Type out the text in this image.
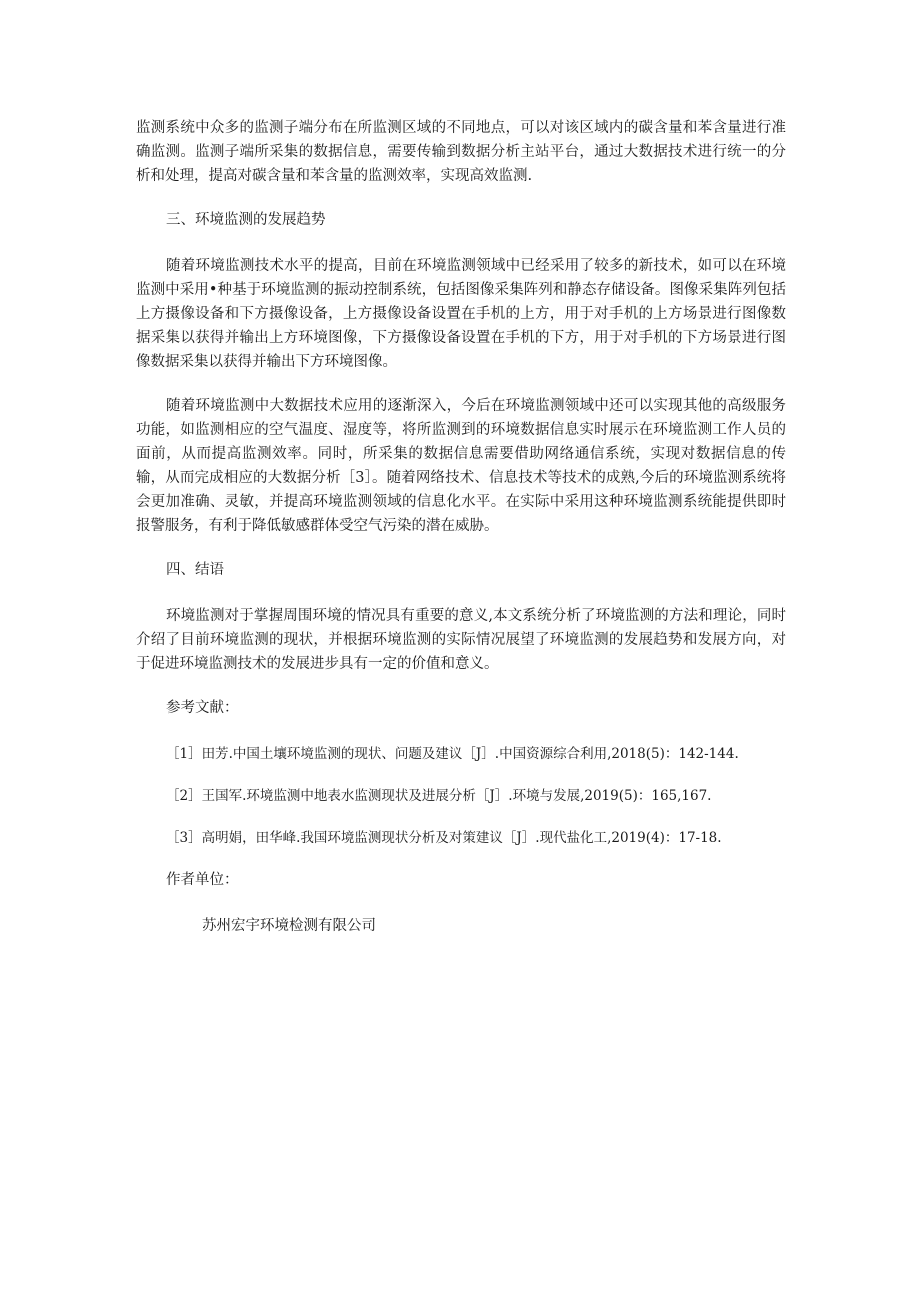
监测系统中众多的监测子端分布在所监测区域的不同地点，可以对该区域内的碳含量和苯含量进行准确监测。监测子端所采集的数据信息，需要传输到数据分析主站平台，通过大数据技术进行统一的分析和处理，提高对碳含量和苯含量的监测效率，实现高效监测.

三、环境监测的发展趋势

随着环境监测技术水平的提高，目前在环境监测领域中已经采用了较多的新技术，如可以在环境监测中采用•种基于环境监测的振动控制系统，包括图像采集阵列和静态存储设备。图像采集阵列包括上方摄像设备和下方摄像设备，上方摄像设备设置在手机的上方，用于对手机的上方场景进行图像数据采集以获得并输出上方环境图像，下方摄像设备设置在手机的下方，用于对手机的下方场景进行图像数据采集以获得并输出下方环境图像。

随着环境监测中大数据技术应用的逐渐深入，今后在环境监测领域中还可以实现其他的高级服务功能，如监测相应的空气温度、湿度等，将所监测到的环境数据信息实时展示在环境监测工作人员的面前，从而提高监测效率。同时，所采集的数据信息需要借助网络通信系统，实现对数据信息的传输，从而完成相应的大数据分析［3］。随着网络技术、信息技术等技术的成熟,今后的环境监测系统将会更加准确、灵敏，并提高环境监测领域的信息化水平。在实际中采用这种环境监测系统能提供即时报警服务，有利于降低敏感群体受空气污染的潜在威胁。

四、结语

环境监测对于掌握周围环境的情况具有重要的意义,本文系统分析了环境监测的方法和理论，同时介绍了目前环境监测的现状，并根据环境监测的实际情况展望了环境监测的发展趋势和发展方向，对于促进环境监测技术的发展进步具有一定的价值和意义。

参考文献：

［1］田芳.中国土壤环境监测的现状、问题及建议［J］.中国资源综合利用,2018(5)：142-144.

［2］王国军.环境监测中地表水监测现状及进展分析［J］.环境与发展,2019(5)：165,167.

［3］高明娟，田华峰.我国环境监测现状分析及对策建议［J］.现代盐化工,2019(4)：17-18.

作者单位：

苏州宏宇环境检测有限公司
